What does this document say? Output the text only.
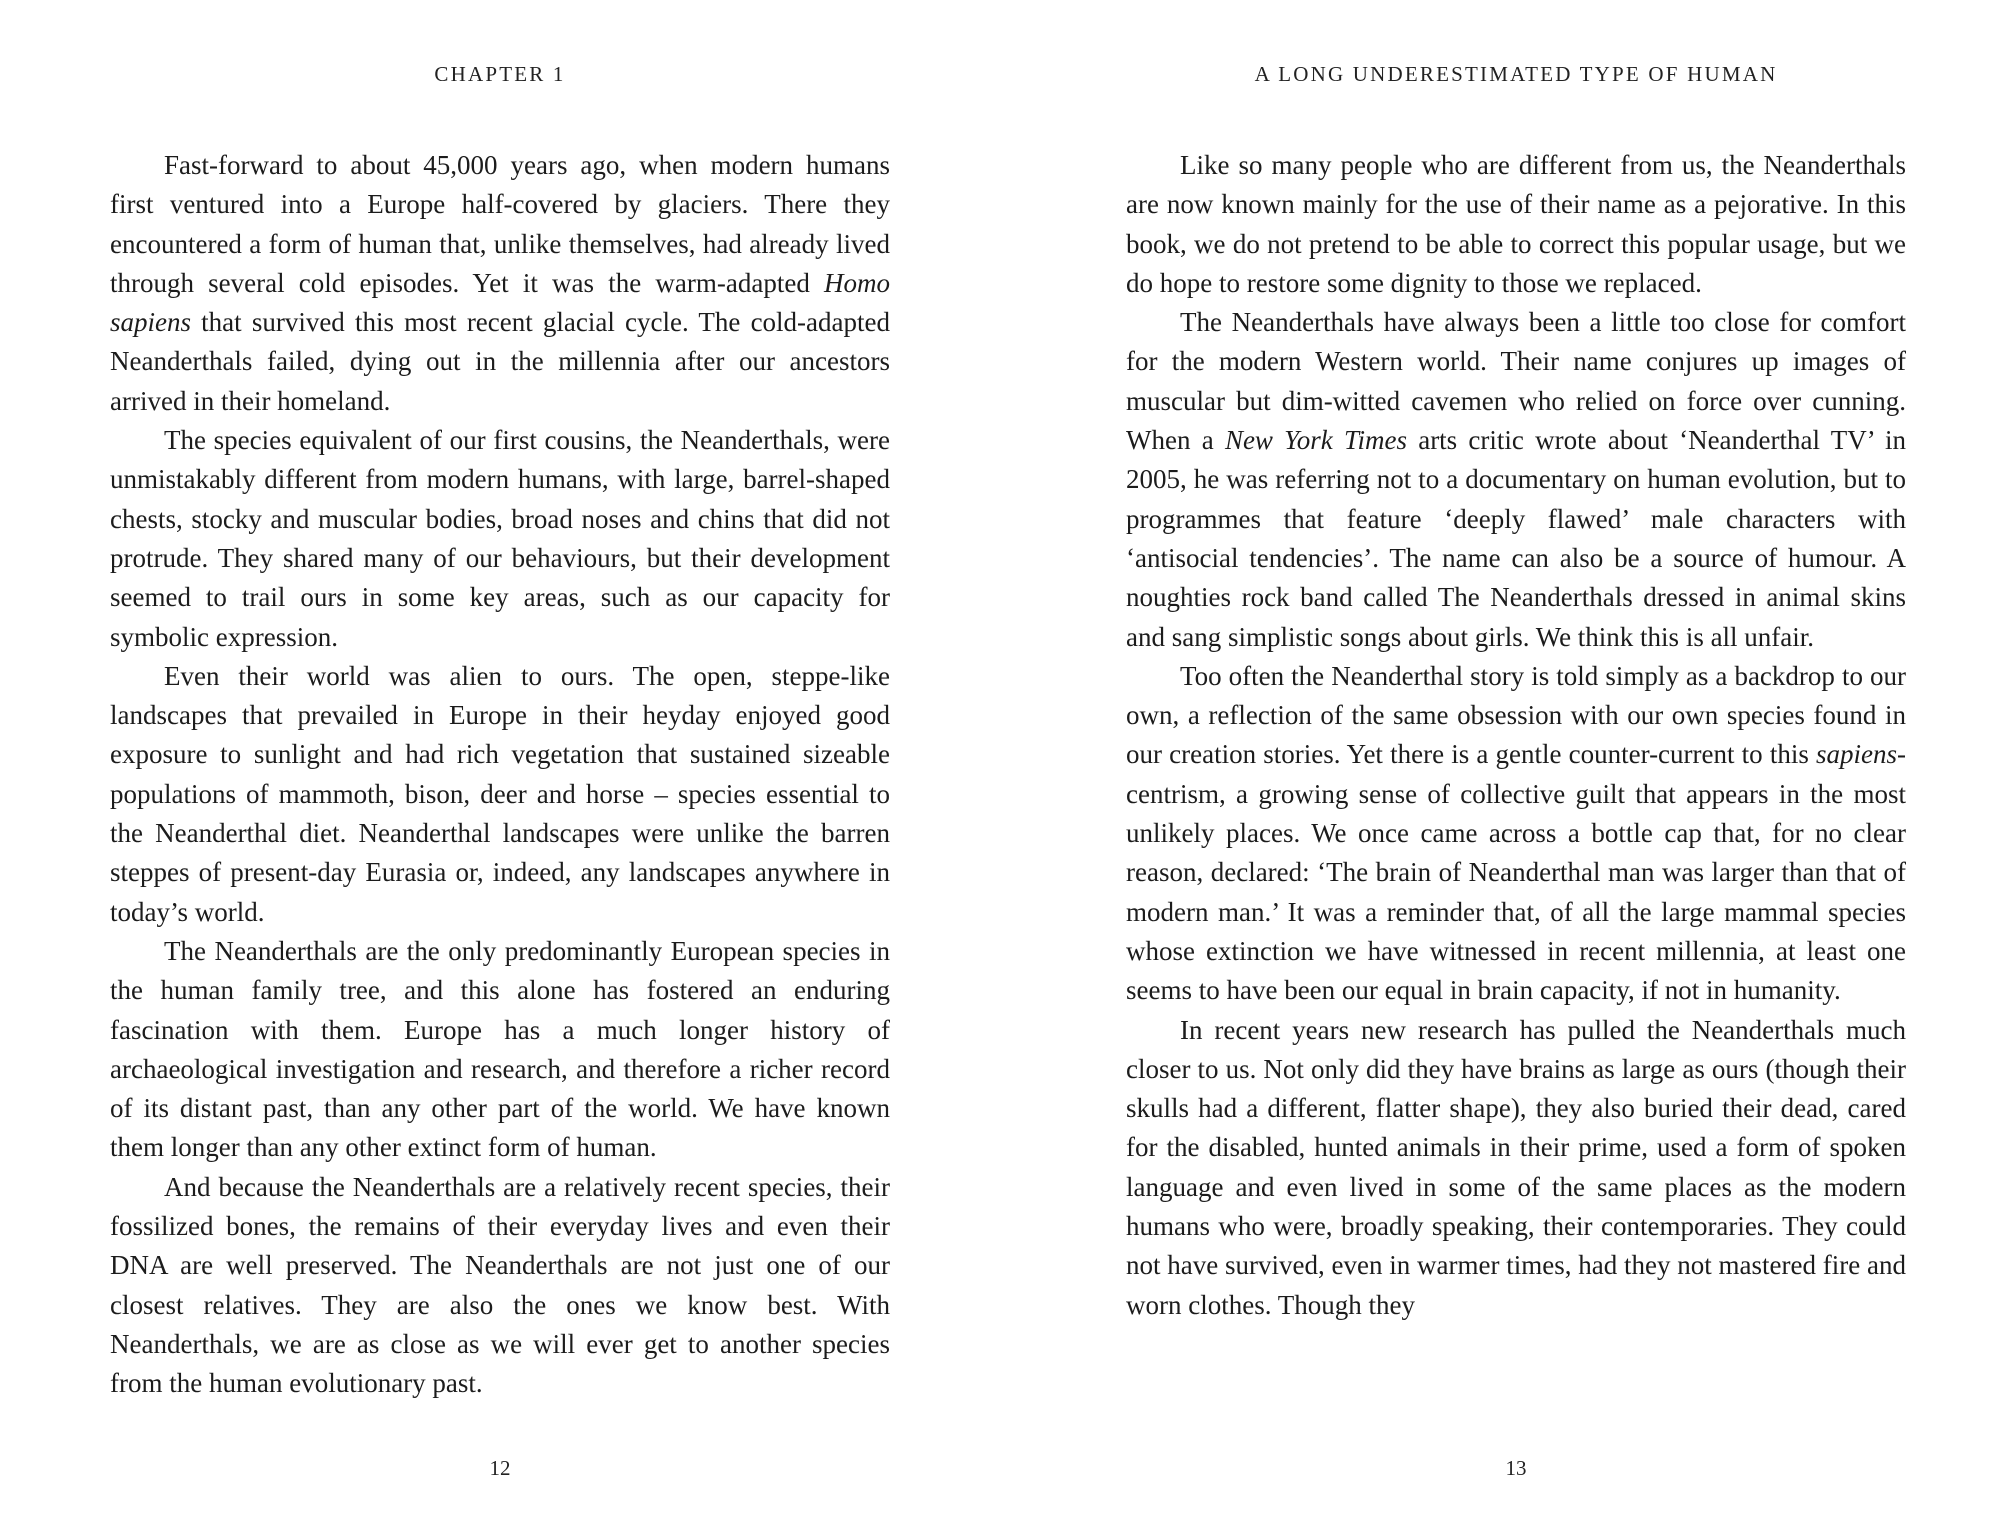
CHAPTER 1

Fast-forward to about 45,000 years ago, when modern humans first ventured into a Europe half-covered by glaciers. There they encountered a form of human that, unlike themselves, had already lived through several cold episodes. Yet it was the warm-adapted Homo sapiens that survived this most recent glacial cycle. The cold-adapted Neanderthals failed, dying out in the millennia after our ancestors arrived in their homeland.

The species equivalent of our first cousins, the Neanderthals, were unmistakably different from modern humans, with large, barrel-shaped chests, stocky and muscular bodies, broad noses and chins that did not protrude. They shared many of our behaviours, but their development seemed to trail ours in some key areas, such as our capacity for symbolic expression.

Even their world was alien to ours. The open, steppe-like landscapes that prevailed in Europe in their heyday enjoyed good exposure to sunlight and had rich vegetation that sustained sizeable populations of mammoth, bison, deer and horse – species essential to the Neanderthal diet. Neanderthal landscapes were unlike the barren steppes of present-day Eurasia or, indeed, any landscapes anywhere in today’s world.

The Neanderthals are the only predominantly European species in the human family tree, and this alone has fostered an enduring fascination with them. Europe has a much longer history of archaeological investigation and research, and therefore a richer record of its distant past, than any other part of the world. We have known them longer than any other extinct form of human.

And because the Neanderthals are a relatively recent species, their fossilized bones, the remains of their everyday lives and even their DNA are well preserved. The Neanderthals are not just one of our closest relatives. They are also the ones we know best. With Neanderthals, we are as close as we will ever get to another species from the human evolutionary past.

12
A LONG UNDERESTIMATED TYPE OF HUMAN

Like so many people who are different from us, the Neanderthals are now known mainly for the use of their name as a pejorative. In this book, we do not pretend to be able to correct this popular usage, but we do hope to restore some dignity to those we replaced.

The Neanderthals have always been a little too close for comfort for the modern Western world. Their name conjures up images of muscular but dim-witted cavemen who relied on force over cunning. When a New York Times arts critic wrote about ‘Neanderthal TV’ in 2005, he was referring not to a documentary on human evolution, but to programmes that feature ‘deeply flawed’ male characters with ‘antisocial tendencies’. The name can also be a source of humour. A noughties rock band called The Neanderthals dressed in animal skins and sang simplistic songs about girls. We think this is all unfair.

Too often the Neanderthal story is told simply as a backdrop to our own, a reflection of the same obsession with our own species found in our creation stories. Yet there is a gentle counter-current to this sapiens-centrism, a growing sense of collective guilt that appears in the most unlikely places. We once came across a bottle cap that, for no clear reason, declared: ‘The brain of Neanderthal man was larger than that of modern man.’ It was a reminder that, of all the large mammal species whose extinction we have witnessed in recent millennia, at least one seems to have been our equal in brain capacity, if not in humanity.

In recent years new research has pulled the Neanderthals much closer to us. Not only did they have brains as large as ours (though their skulls had a different, flatter shape), they also buried their dead, cared for the disabled, hunted animals in their prime, used a form of spoken language and even lived in some of the same places as the modern humans who were, broadly speaking, their contemporaries. They could not have survived, even in warmer times, had they not mastered fire and worn clothes. Though they

13
